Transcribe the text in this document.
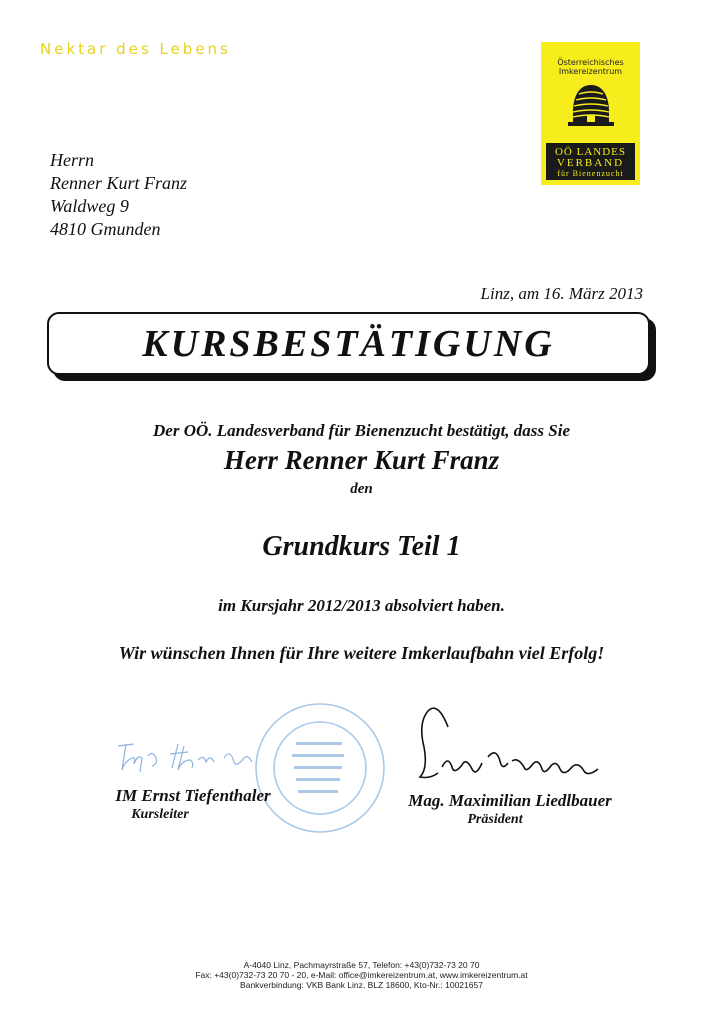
Nektar des Lebens
Österreichisches
Imkereizentrum
OÖ LANDES
VERBAND
für Bienenzucht
Herrn
Renner Kurt Franz
Waldweg 9
4810 Gmunden
Linz, am 16. März 2013
KURSBESTÄTIGUNG
Der OÖ. Landesverband für Bienenzucht bestätigt, dass Sie
Herr Renner Kurt Franz
den
Grundkurs Teil 1
im Kursjahr 2012/2013 absolviert haben.
Wir wünschen Ihnen für Ihre weitere Imkerlaufbahn viel Erfolg!
IM Ernst Tiefenthaler
Kursleiter
Mag. Maximilian Liedlbauer
Präsident
A-4040 Linz, Pachmayrstraße 57, Telefon: +43(0)732-73 20 70
Fax: +43(0)732-73 20 70 - 20, e-Mail: office@imkereizentrum.at, www.imkereizentrum.at
Bankverbindung: VKB Bank Linz, BLZ 18600, Kto-Nr.: 10021657
